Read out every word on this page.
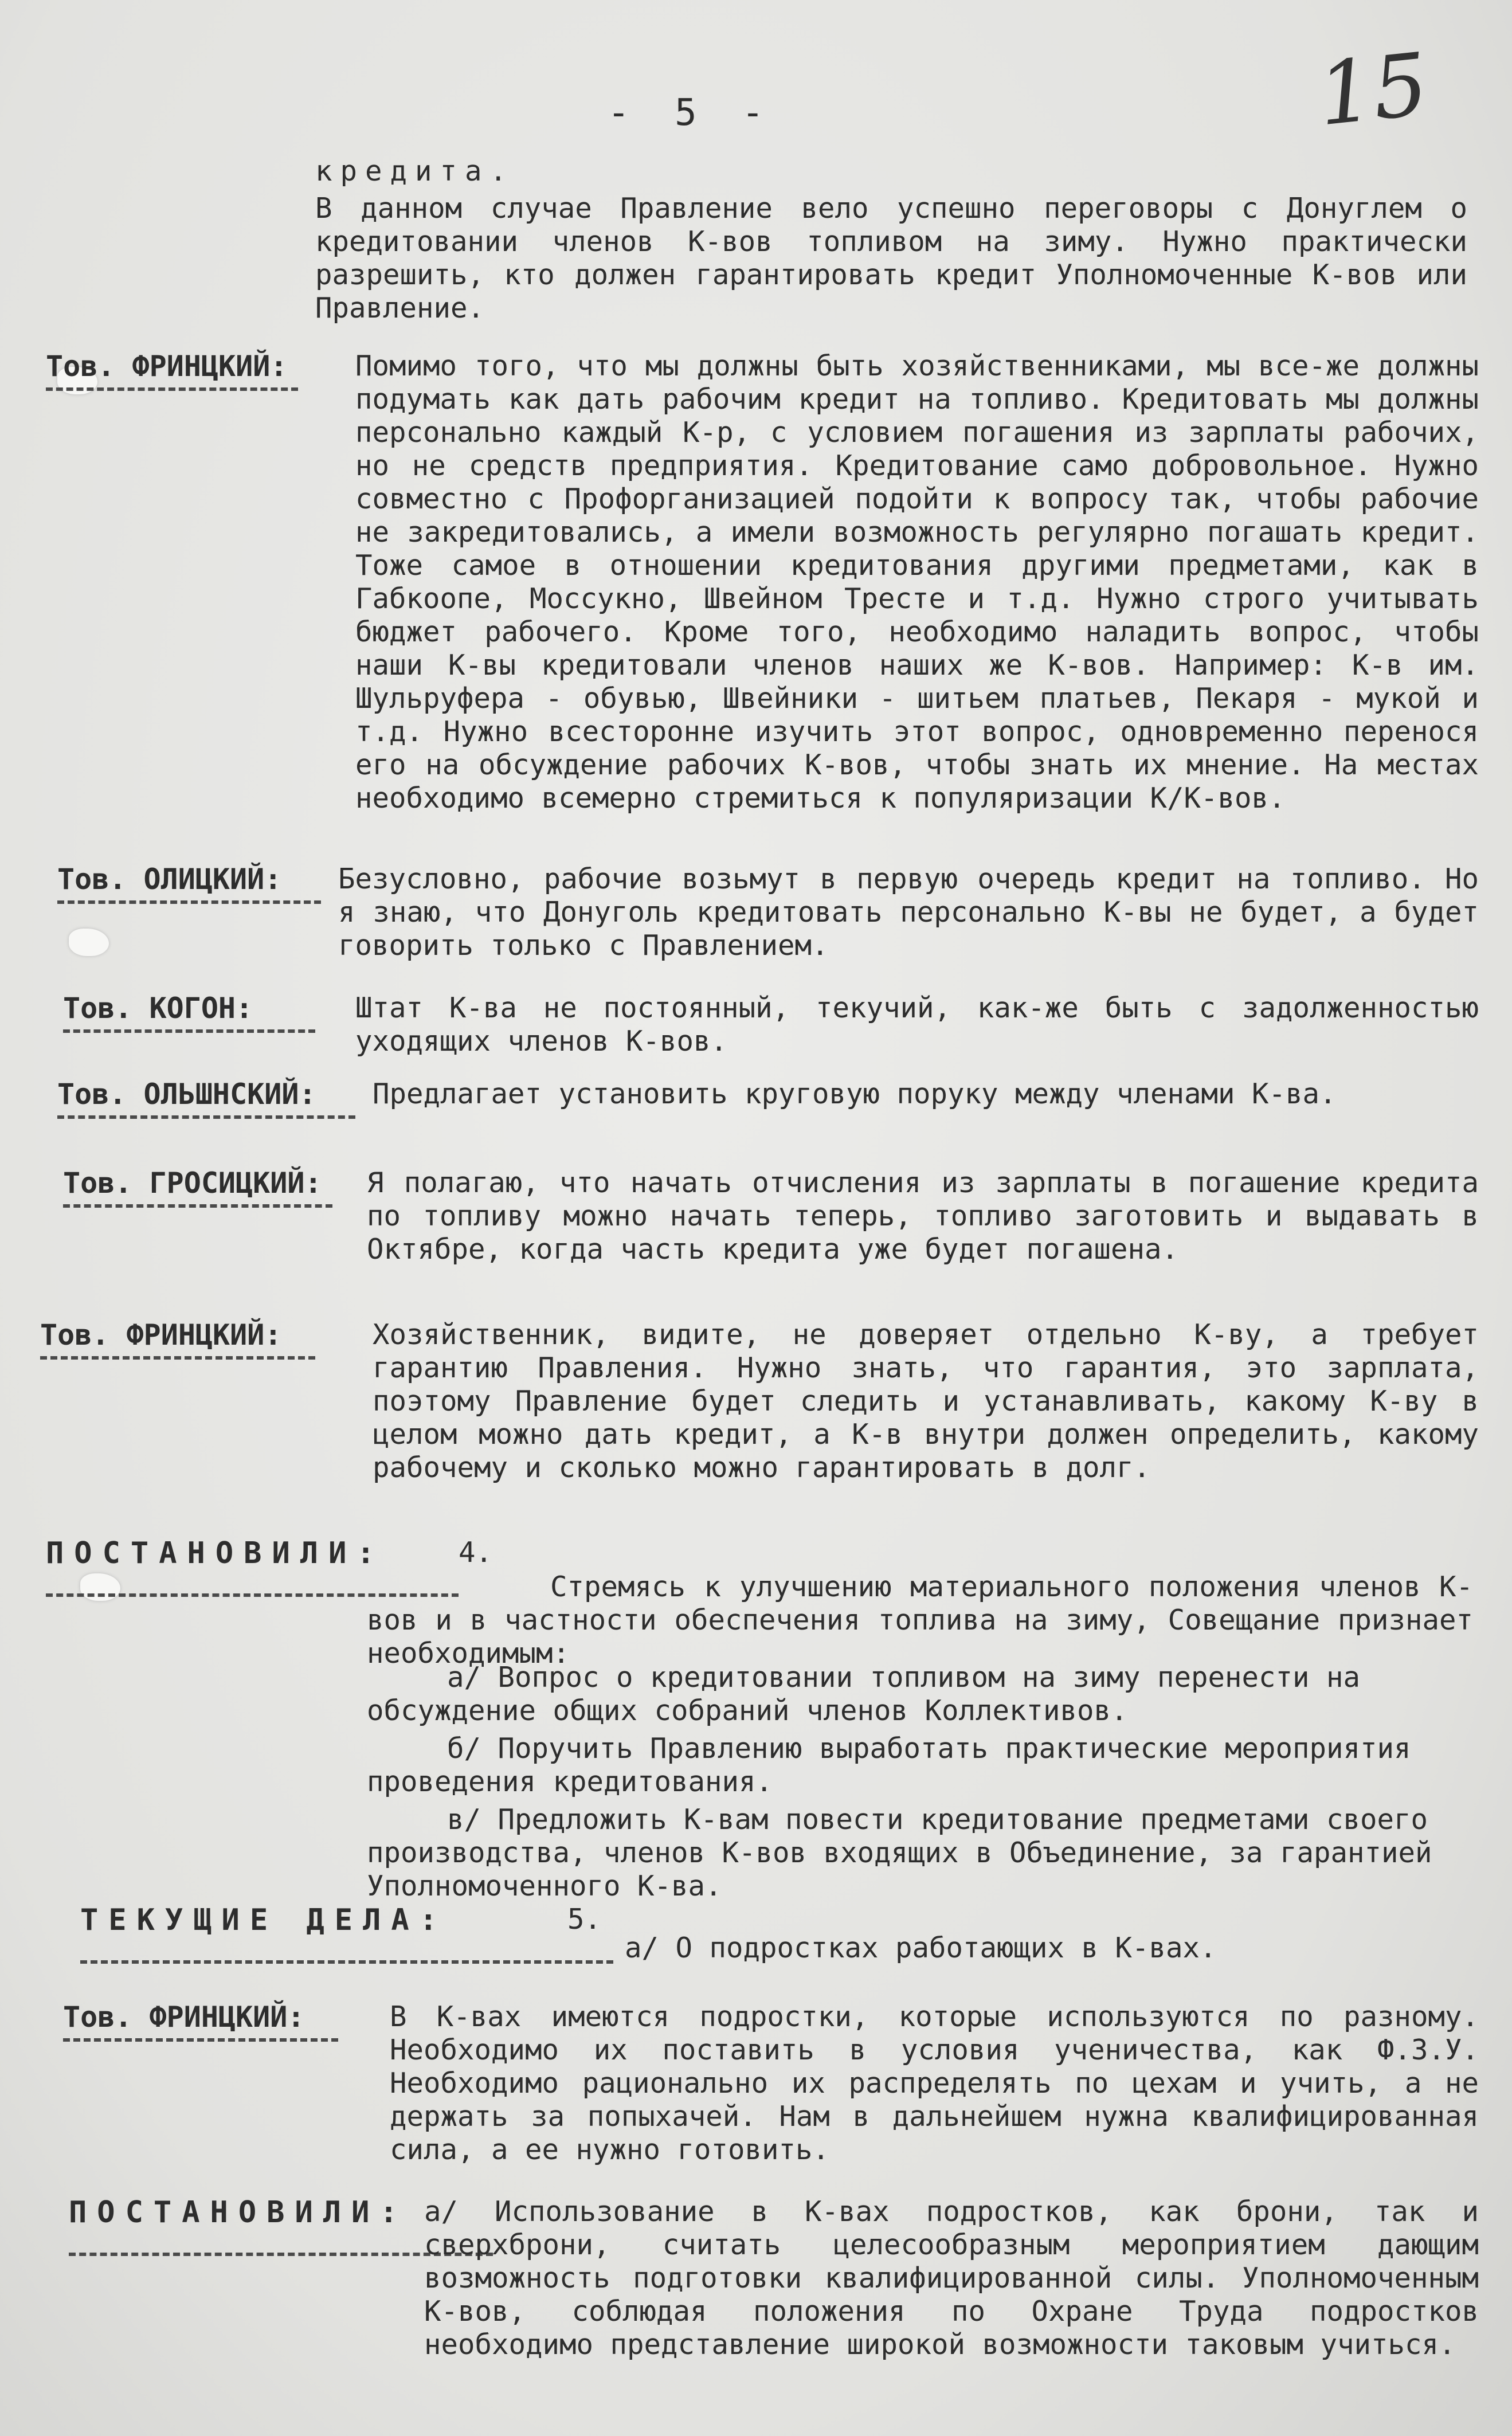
- 5 -	15
кредита.
В данном случае Правление вело успешно переговоры с Донуглем о кредитовании членов К-вов топливом на зиму. Нужно практически разрешить, кто должен гарантировать кредит Уполномоченные К-вов или Правление.
Тов. ФРИНЦКИЙ:	Помимо того, что мы должны быть хозяйственниками, мы все-же должны подумать как дать рабочим кредит на топливо. Кредитовать мы должны персонально каждый К-р, с условием погашения из зарплаты рабочих, но не средств предприятия. Кредитование само добровольное. Нужно совместно с Профорганизацией подойти к вопросу так, чтобы рабочие не закредитовались, а имели возможность регулярно погашать кредит. Тоже самое в отношении кредитования другими предметами, как в Габкоопе, Моссукно, Швейном Тресте и т.д. Нужно строго учитывать бюджет рабочего. Кроме того, необходимо наладить вопрос, чтобы наши К-вы кредитовали членов наших же К-вов. Например: К-в им. Шульруфера - обувью, Швейники - шитьем платьев, Пекаря - мукой и т.д. Нужно всесторонне изучить этот вопрос, одновременно перенося его на обсуждение рабочих К-вов, чтобы знать их мнение. На местах необходимо всемерно стремиться к популяризации К/К-вов.
Тов. ОЛИЦКИЙ:	Безусловно, рабочие возьмут в первую очередь кредит на топливо. Но я знаю, что Донуголь кредитовать персонально К-вы не будет, а будет говорить только с Правлением.
Тов. КОГОН:	Штат К-ва не постоянный, текучий, как-же быть с задолженностью уходящих членов К-вов.
Тов. ОЛЬШНСКИЙ:	Предлагает установить круговую поруку между членами К-ва.
Тов. ГРОСИЦКИЙ:	Я полагаю, что начать отчисления из зарплаты в погашение кредита по топливу можно начать теперь, топливо заготовить и выдавать в Октябре, когда часть кредита уже будет погашена.
Тов. ФРИНЦКИЙ:	Хозяйственник, видите, не доверяет отдельно К-ву, а требует гарантию Правления. Нужно знать, что гарантия, это зарплата, поэтому Правление будет следить и устанавливать, какому К-ву в целом можно дать кредит, а К-в внутри должен определить, какому рабочему и сколько можно гарантировать в долг.
ПОСТАНОВИЛИ:	4.
Стремясь к улучшению материального положения членов К-вов и в частности обеспечения топлива на зиму, Совещание признает необходимым:
а/ Вопрос о кредитовании топливом на зиму перенести на обсуждение общих собраний членов Коллективов.
б/ Поручить Правлению выработать практические мероприятия проведения кредитования.
в/ Предложить К-вам повести кредитование предметами своего производства, членов К-вов входящих в Объединение, за гарантией Уполномоченного К-ва.
ТЕКУЩИЕ ДЕЛА:	5.
а/ О подростках работающих в К-вах.
Тов. ФРИНЦКИЙ:	В К-вах имеются подростки, которые используются по разному. Необходимо их поставить в условия ученичества, как Ф.З.У. Необходимо рационально их распределять по цехам и учить, а не держать за попыхачей. Нам в дальнейшем нужна квалифицированная сила, а ее нужно готовить.
ПОСТАНОВИЛИ: а/ Использование в К-вах подростков, как брони, так и сверхброни, считать целесообразным мероприятием дающим возможность подготовки квалифицированной силы. Уполномоченным К-вов, соблюдая положения по Охране Труда подростков необходимо представление широкой возможности таковым учиться.
